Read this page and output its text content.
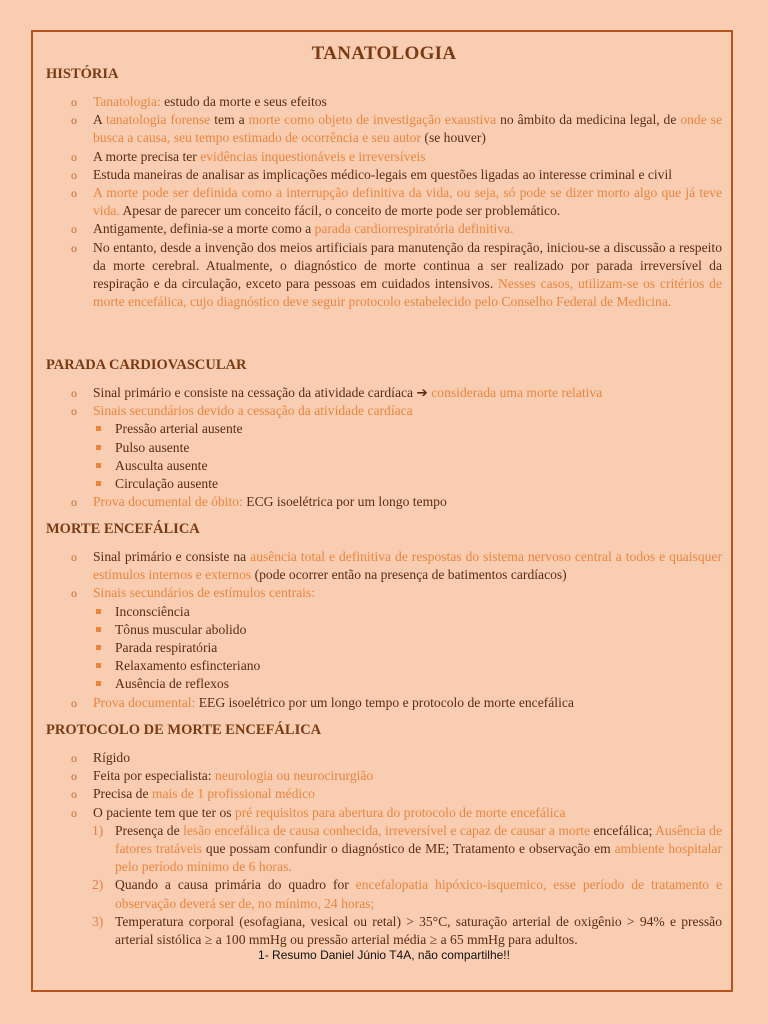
TANATOLOGIA
HISTÓRIA
o Tanatologia: estudo da morte e seus efeitos
o A tanatologia forense tem a morte como objeto de investigação exaustiva no âmbito da medicina legal, de onde se busca a causa, seu tempo estimado de ocorrência e seu autor (se houver)
o A morte precisa ter evidências inquestionáveis e irreversíveis
o Estuda maneiras de analisar as implicações médico-legais em questões ligadas ao interesse criminal e civil
o A morte pode ser definida como a interrupção definitiva da vida, ou seja, só pode se dizer morto algo que já teve vida. Apesar de parecer um conceito fácil, o conceito de morte pode ser problemático.
o Antigamente, definia-se a morte como a parada cardiorrespiratória definitiva.
o No entanto, desde a invenção dos meios artificiais para manutenção da respiração, iniciou-se a discussão a respeito da morte cerebral. Atualmente, o diagnóstico de morte continua a ser realizado por parada irreversível da respiração e da circulação, exceto para pessoas em cuidados intensivos. Nesses casos, utilizam-se os critérios de morte encefálica, cujo diagnóstico deve seguir protocolo estabelecido pelo Conselho Federal de Medicina.
PARADA CARDIOVASCULAR
o Sinal primário e consiste na cessação da atividade cardíaca ➔ considerada uma morte relativa
o Sinais secundários devido a cessação da atividade cardíaca
Pressão arterial ausente
Pulso ausente
Ausculta ausente
Circulação ausente
o Prova documental de óbito: ECG isoelétrica por um longo tempo
MORTE ENCEFÁLICA
o Sinal primário e consiste na ausência total e definitiva de respostas do sistema nervoso central a todos e quaisquer estímulos internos e externos (pode ocorrer então na presença de batimentos cardíacos)
o Sinais secundários de estímulos centrais:
Inconsciência
Tônus muscular abolido
Parada respiratória
Relaxamento esfincteriano
Ausência de reflexos
o Prova documental: EEG isoelétrico por um longo tempo e protocolo de morte encefálica
PROTOCOLO DE MORTE ENCEFÁLICA
o Rígido
o Feita por especialista: neurologia ou neurocirurgião
o Precisa de mais de 1 profissional médico
o O paciente tem que ter os pré requisitos para abertura do protocolo de morte encefálica
1) Presença de lesão encefálica de causa conhecida, irreversível e capaz de causar a morte encefálica; Ausência de fatores tratáveis que possam confundir o diagnóstico de ME; Tratamento e observação em ambiente hospitalar pelo período mínimo de 6 horas.
2) Quando a causa primária do quadro for encefalopatia hipóxico-isquemico, esse período de tratamento e observação deverá ser de, no mínimo, 24 horas;
3) Temperatura corporal (esofagiana, vesical ou retal) > 35°C, saturação arterial de oxigênio > 94% e pressão arterial sistólica ≥ a 100 mmHg ou pressão arterial média ≥ a 65 mmHg para adultos.
1- Resumo Daniel Júnio T4A, não compartilhe!!
